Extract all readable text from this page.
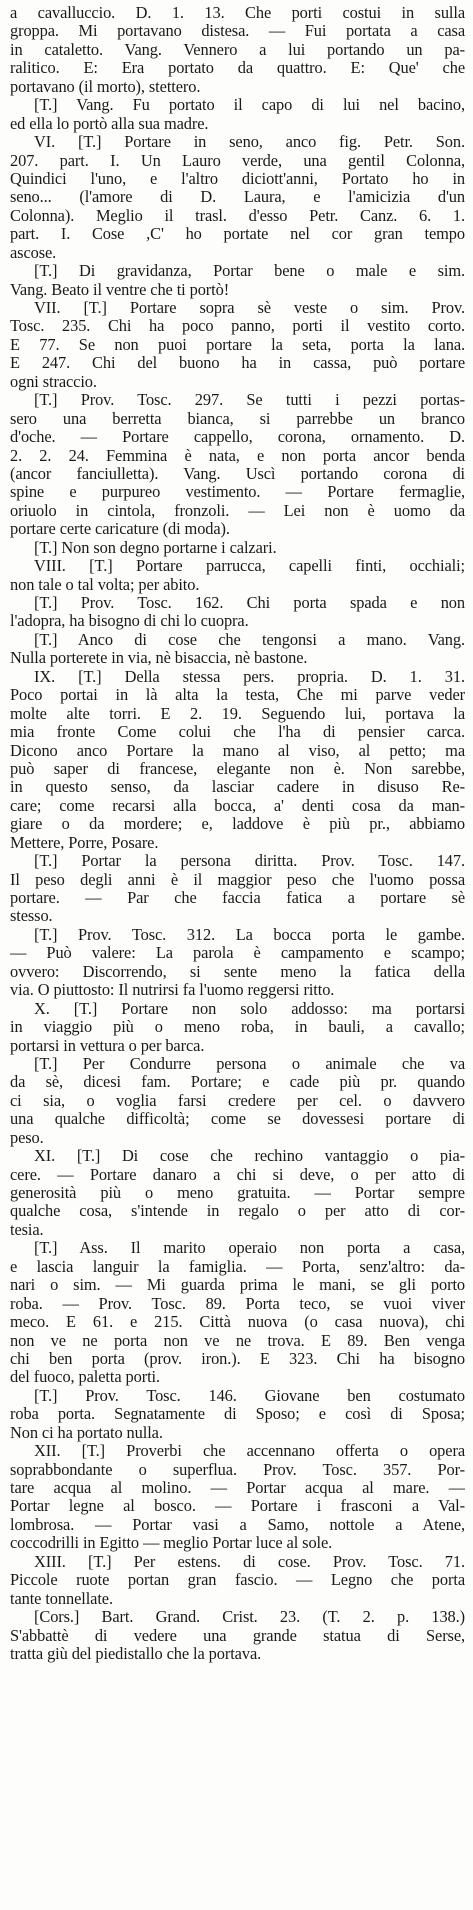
a cavalluccio. D. 1. 13. Che porti costui in sulla
groppa. Mi portavano distesa. — Fui portata a casa
in cataletto. Vang. Vennero a lui portando un pa-
ralitico. E: Era portato da quattro. E: Que' che
portavano (il morto), stettero.
[T.] Vang. Fu portato il capo di lui nel bacino,
ed ella lo portò alla sua madre.
VI. [T.] Portare in seno, anco fig. Petr. Son.
207. part. I. Un Lauro verde, una gentil Colonna,
Quindici l'uno, e l'altro diciott'anni, Portato ho in
seno... (l'amore di D. Laura, e l'amicizia d'un
Colonna). Meglio il trasl. d'esso Petr. Canz. 6. 1.
part. I. Cose ,C' ho portate nel cor gran tempo
ascose.
[T.] Di gravidanza, Portar bene o male e sim.
Vang. Beato il ventre che ti portò!
VII. [T.] Portare sopra sè veste o sim. Prov.
Tosc. 235. Chi ha poco panno, porti il vestito corto.
E 77. Se non puoi portare la seta, porta la lana.
E 247. Chi del buono ha in cassa, può portare
ogni straccio.
[T.] Prov. Tosc. 297. Se tutti i pezzi portas-
sero una berretta bianca, si parrebbe un branco
d'oche. — Portare cappello, corona, ornamento. D.
2. 2. 24. Femmina è nata, e non porta ancor benda
(ancor fanciulletta). Vang. Uscì portando corona di
spine e purpureo vestimento. — Portare fermaglie,
oriuolo in cintola, fronzoli. — Lei non è uomo da
portare certe caricature (di moda).
[T.] Non son degno portarne i calzari.
VIII. [T.] Portare parrucca, capelli finti, occhiali;
non tale o tal volta; per abito.
[T.] Prov. Tosc. 162. Chi porta spada e non
l'adopra, ha bisogno di chi lo cuopra.
[T.] Anco di cose che tengonsi a mano. Vang.
Nulla porterete in via, nè bisaccia, nè bastone.
IX. [T.] Della stessa pers. propria. D. 1. 31.
Poco portai in là alta la testa, Che mi parve veder
molte alte torri. E 2. 19. Seguendo lui, portava la
mia fronte Come colui che l'ha di pensier carca.
Dicono anco Portare la mano al viso, al petto; ma
può saper di francese, elegante non è. Non sarebbe,
in questo senso, da lasciar cadere in disuso Re-
care; come recarsi alla bocca, a' denti cosa da man-
giare o da mordere; e, laddove è più pr., abbiamo
Mettere, Porre, Posare.
[T.] Portar la persona diritta. Prov. Tosc. 147.
Il peso degli anni è il maggior peso che l'uomo possa
portare. — Par che faccia fatica a portare sè
stesso.
[T.] Prov. Tosc. 312. La bocca porta le gambe.
— Può valere: La parola è campamento e scampo;
ovvero: Discorrendo, si sente meno la fatica della
via. O piuttosto: Il nutrirsi fa l'uomo reggersi ritto.
X. [T.] Portare non solo addosso: ma portarsi
in viaggio più o meno roba, in bauli, a cavallo;
portarsi in vettura o per barca.
[T.] Per Condurre persona o animale che va
da sè, dicesi fam. Portare; e cade più pr. quando
ci sia, o voglia farsi credere per cel. o davvero
una qualche difficoltà; come se dovessesi portare di
peso.
XI. [T.] Di cose che rechino vantaggio o pia-
cere. — Portare danaro a chi si deve, o per atto di
generosità più o meno gratuita. — Portar sempre
qualche cosa, s'intende in regalo o per atto di cor-
tesia.
[T.] Ass. Il marito operaio non porta a casa,
e lascia languir la famiglia. — Porta, senz'altro: da-
nari o sim. — Mi guarda prima le mani, se gli porto
roba. — Prov. Tosc. 89. Porta teco, se vuoi viver
meco. E 61. e 215. Città nuova (o casa nuova), chi
non ve ne porta non ve ne trova. E 89. Ben venga
chi ben porta (prov. iron.). E 323. Chi ha bisogno
del fuoco, paletta porti.
[T.] Prov. Tosc. 146. Giovane ben costumato
roba porta. Segnatamente di Sposo; e così di Sposa;
Non ci ha portato nulla.
XII. [T.] Proverbi che accennano offerta o opera
soprabbondante o superflua. Prov. Tosc. 357. Por-
tare acqua al molino. — Portar acqua al mare. —
Portar legne al bosco. — Portare i frasconi a Val-
lombrosa. — Portar vasi a Samo, nottole a Atene,
coccodrilli in Egitto — meglio Portar luce al sole.
XIII. [T.] Per estens. di cose. Prov. Tosc. 71.
Piccole ruote portan gran fascio. — Legno che porta
tante tonnellate.
[Cors.] Bart. Grand. Crist. 23. (T. 2. p. 138.)
S'abbattè di vedere una grande statua di Serse,
tratta giù del piedistallo che la portava.
